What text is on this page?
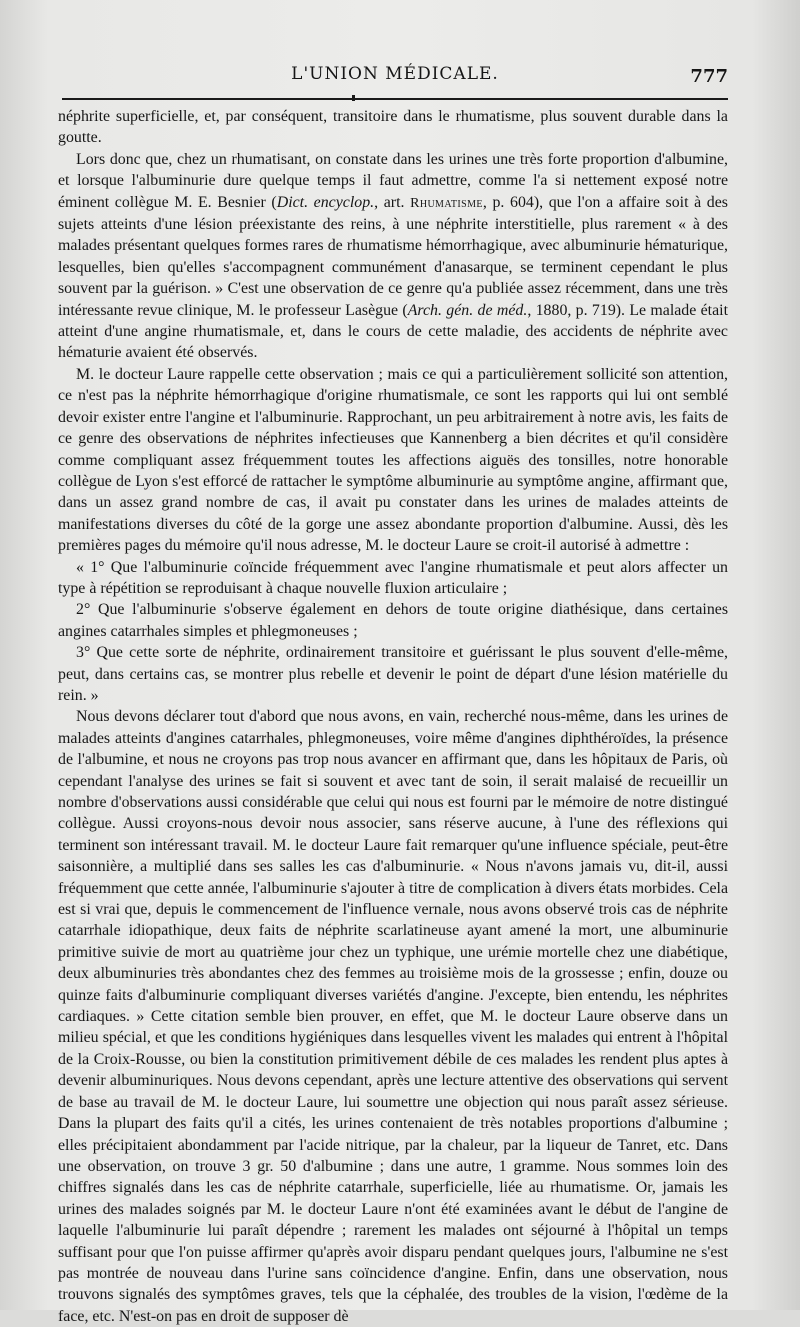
L'UNION MÉDICALE.	777

néphrite superficielle, et, par conséquent, transitoire dans le rhumatisme, plus souvent durable dans la goutte.

Lors donc que, chez un rhumatisant, on constate dans les urines une très forte proportion d'albumine, et lorsque l'albuminurie dure quelque temps il faut admettre, comme l'a si nettement exposé notre éminent collègue M. E. Besnier (Dict. encyclop., art. Rhumatisme, p. 604), que l'on a affaire soit à des sujets atteints d'une lésion préexistante des reins, à une néphrite interstitielle, plus rarement « à des malades présentant quelques formes rares de rhumatisme hémorrhagique, avec albuminurie hématurique, lesquelles, bien qu'elles s'accompagnent communément d'anasarque, se terminent cependant le plus souvent par la guérison. » C'est une observation de ce genre qu'a publiée assez récemment, dans une très intéressante revue clinique, M. le professeur Lasègue (Arch. gén. de méd., 1880, p. 719). Le malade était atteint d'une angine rhumatismale, et, dans le cours de cette maladie, des accidents de néphrite avec hématurie avaient été observés.

M. le docteur Laure rappelle cette observation ; mais ce qui a particulièrement sollicité son attention, ce n'est pas la néphrite hémorrhagique d'origine rhumatismale, ce sont les rapports qui lui ont semblé devoir exister entre l'angine et l'albuminurie. Rapprochant, un peu arbitrairement à notre avis, les faits de ce genre des observations de néphrites infectieuses que Kannenberg a bien décrites et qu'il considère comme compliquant assez fréquemment toutes les affections aiguës des tonsilles, notre honorable collègue de Lyon s'est efforcé de rattacher le symptôme albuminurie au symptôme angine, affirmant que, dans un assez grand nombre de cas, il avait pu constater dans les urines de malades atteints de manifestations diverses du côté de la gorge une assez abondante proportion d'albumine. Aussi, dès les premières pages du mémoire qu'il nous adresse, M. le docteur Laure se croit-il autorisé à admettre :

« 1° Que l'albuminurie coïncide fréquemment avec l'angine rhumatismale et peut alors affecter un type à répétition se reproduisant à chaque nouvelle fluxion articulaire ;

2° Que l'albuminurie s'observe également en dehors de toute origine diathésique, dans certaines angines catarrhales simples et phlegmoneuses ;

3° Que cette sorte de néphrite, ordinairement transitoire et guérissant le plus souvent d'elle-même, peut, dans certains cas, se montrer plus rebelle et devenir le point de départ d'une lésion matérielle du rein. »

Nous devons déclarer tout d'abord que nous avons, en vain, recherché nous-même, dans les urines de malades atteints d'angines catarrhales, phlegmoneuses, voire même d'angines diphthéroïdes, la présence de l'albumine, et nous ne croyons pas trop nous avancer en affirmant que, dans les hôpitaux de Paris, où cependant l'analyse des urines se fait si souvent et avec tant de soin, il serait malaisé de recueillir un nombre d'observations aussi considérable que celui qui nous est fourni par le mémoire de notre distingué collègue. Aussi croyons-nous devoir nous associer, sans réserve aucune, à l'une des réflexions qui terminent son intéressant travail. M. le docteur Laure fait remarquer qu'une influence spéciale, peut-être saisonnière, a multiplié dans ses salles les cas d'albuminurie. « Nous n'avons jamais vu, dit-il, aussi fréquemment que cette année, l'albuminurie s'ajouter à titre de complication à divers états morbides. Cela est si vrai que, depuis le commencement de l'influence vernale, nous avons observé trois cas de néphrite catarrhale idiopathique, deux faits de néphrite scarlatineuse ayant amené la mort, une albuminurie primitive suivie de mort au quatrième jour chez un typhique, une urémie mortelle chez une diabétique, deux albuminuries très abondantes chez des femmes au troisième mois de la grossesse ; enfin, douze ou quinze faits d'albuminurie compliquant diverses variétés d'angine. J'excepte, bien entendu, les néphrites cardiaques. » Cette citation semble bien prouver, en effet, que M. le docteur Laure observe dans un milieu spécial, et que les conditions hygiéniques dans lesquelles vivent les malades qui entrent à l'hôpital de la Croix-Rousse, ou bien la constitution primitivement débile de ces malades les rendent plus aptes à devenir albuminuriques. Nous devons cependant, après une lecture attentive des observations qui servent de base au travail de M. le docteur Laure, lui soumettre une objection qui nous paraît assez sérieuse. Dans la plupart des faits qu'il a cités, les urines contenaient de très notables proportions d'albumine ; elles précipitaient abondamment par l'acide nitrique, par la chaleur, par la liqueur de Tanret, etc. Dans une observation, on trouve 3 gr. 50 d'albumine ; dans une autre, 1 gramme. Nous sommes loin des chiffres signalés dans les cas de néphrite catarrhale, superficielle, liée au rhumatisme. Or, jamais les urines des malades soignés par M. le docteur Laure n'ont été examinées avant le début de l'angine de laquelle l'albuminurie lui paraît dépendre ; rarement les malades ont séjourné à l'hôpital un temps suffisant pour que l'on puisse affirmer qu'après avoir disparu pendant quelques jours, l'albumine ne s'est pas montrée de nouveau dans l'urine sans coïncidence d'angine. Enfin, dans une observation, nous trouvons signalés des symptômes graves, tels que la céphalée, des troubles de la vision, l'œdème de la face, etc. N'est-on pas en droit de supposer dè
